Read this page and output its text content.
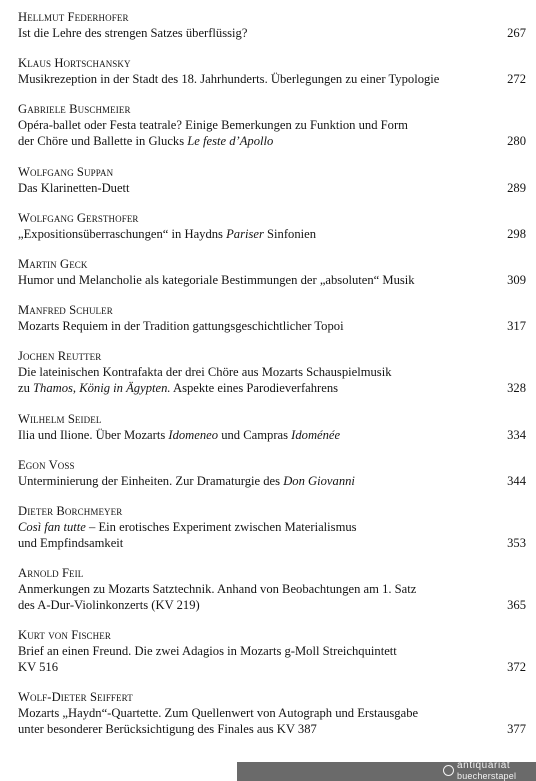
Hellmut Federhofer
Ist die Lehre des strengen Satzes überflüssig?	267
Klaus Hortschansky
Musikrezeption in der Stadt des 18. Jahrhunderts. Überlegungen zu einer Typologie	272
Gabriele Buschmeier
Opéra-ballet oder Festa teatrale? Einige Bemerkungen zu Funktion und Form
der Chöre und Ballette in Glucks Le feste d’Apollo	280
Wolfgang Suppan
Das Klarinetten-Duett	289
Wolfgang Gersthofer
„Expositionsüberraschungen“ in Haydns Pariser Sinfonien	298
Martin Geck
Humor und Melancholie als kategoriale Bestimmungen der „absoluten“ Musik	309
Manfred Schuler
Mozarts Requiem in der Tradition gattungsgeschichtlicher Topoi	317
Jochen Reutter
Die lateinischen Kontrafakta der drei Chöre aus Mozarts Schauspielmusik
zu Thamos, König in Ägypten. Aspekte eines Parodieverfahrens	328
Wilhelm Seidel
Ilia und Ilione. Über Mozarts Idomeneo und Campras Idoménée	334
Egon Voss
Unterminierung der Einheiten. Zur Dramaturgie des Don Giovanni	344
Dieter Borchmeyer
Così fan tutte – Ein erotisches Experiment zwischen Materialismus
und Empfindsamkeit	353
Arnold Feil
Anmerkungen zu Mozarts Satztechnik. Anhand von Beobachtungen am 1. Satz
des A-Dur-Violinkonzerts (KV 219)	365
Kurt von Fischer
Brief an einen Freund. Die zwei Adagios in Mozarts g-Moll Streichquintett
KV 516	372
Wolf-Dieter Seiffert
Mozarts „Haydn“-Quartette. Zum Quellenwert von Autograph und Erstausgabe
unter besonderer Berücksichtigung des Finales aus KV 387	377
antiquariat
buecherstapel
